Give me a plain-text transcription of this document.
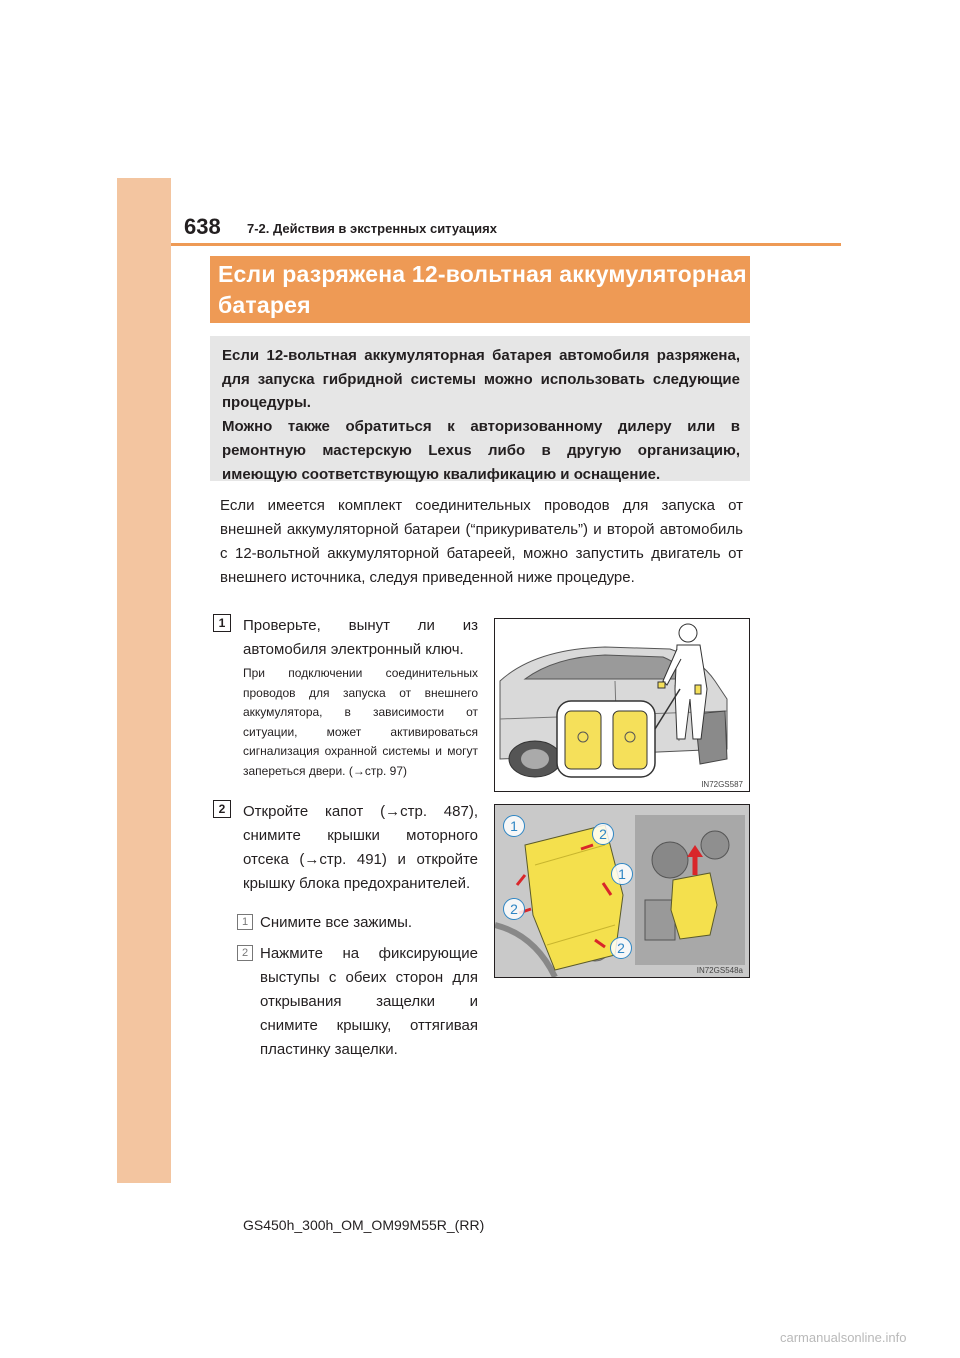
638 7-2. Действия в экстренных ситуациях
Если разряжена 12-вольтная аккумуляторная
батарея

Если 12-вольтная аккумуляторная батарея автомобиля разряжена, для запуска гибридной системы можно использовать следующие процедуры.

Можно также обратиться к авторизованному дилеру или в ремонтную мастерскую Lexus либо в другую организацию, имеющую соответствующую квалификацию и оснащение.

Если имеется комплект соединительных проводов для запуска от внешней аккумуляторной батареи (“прикуриватель”) и второй автомобиль с 12-вольтной аккумуляторной батареей, можно запустить двигатель от внешнего источника, следуя приведенной ниже процедуре.

1	Проверьте, вынут ли из автомобиля электронный ключ.

При подключении соединительных проводов для запуска от внешнего аккумулятора, в зависимости от ситуации, может активироваться сигнализация охранной системы и могут запереться двери. (→стр. 97)

IN72GS587
2	Откройте капот (→стр. 487), снимите крышки моторного отсека (→стр. 491) и откройте крышку блока предохранителей.

1 Снимите все зажимы.

2 Нажмите на фиксирующие выступы с обеих сторон для открывания защелки и снимите крышку, оттягивая пластинку защелки.

1	2
1
2
2
IN72GS548a
GS450h_300h_OM_OM99M55R_(RR)
carmanualsonline.info
